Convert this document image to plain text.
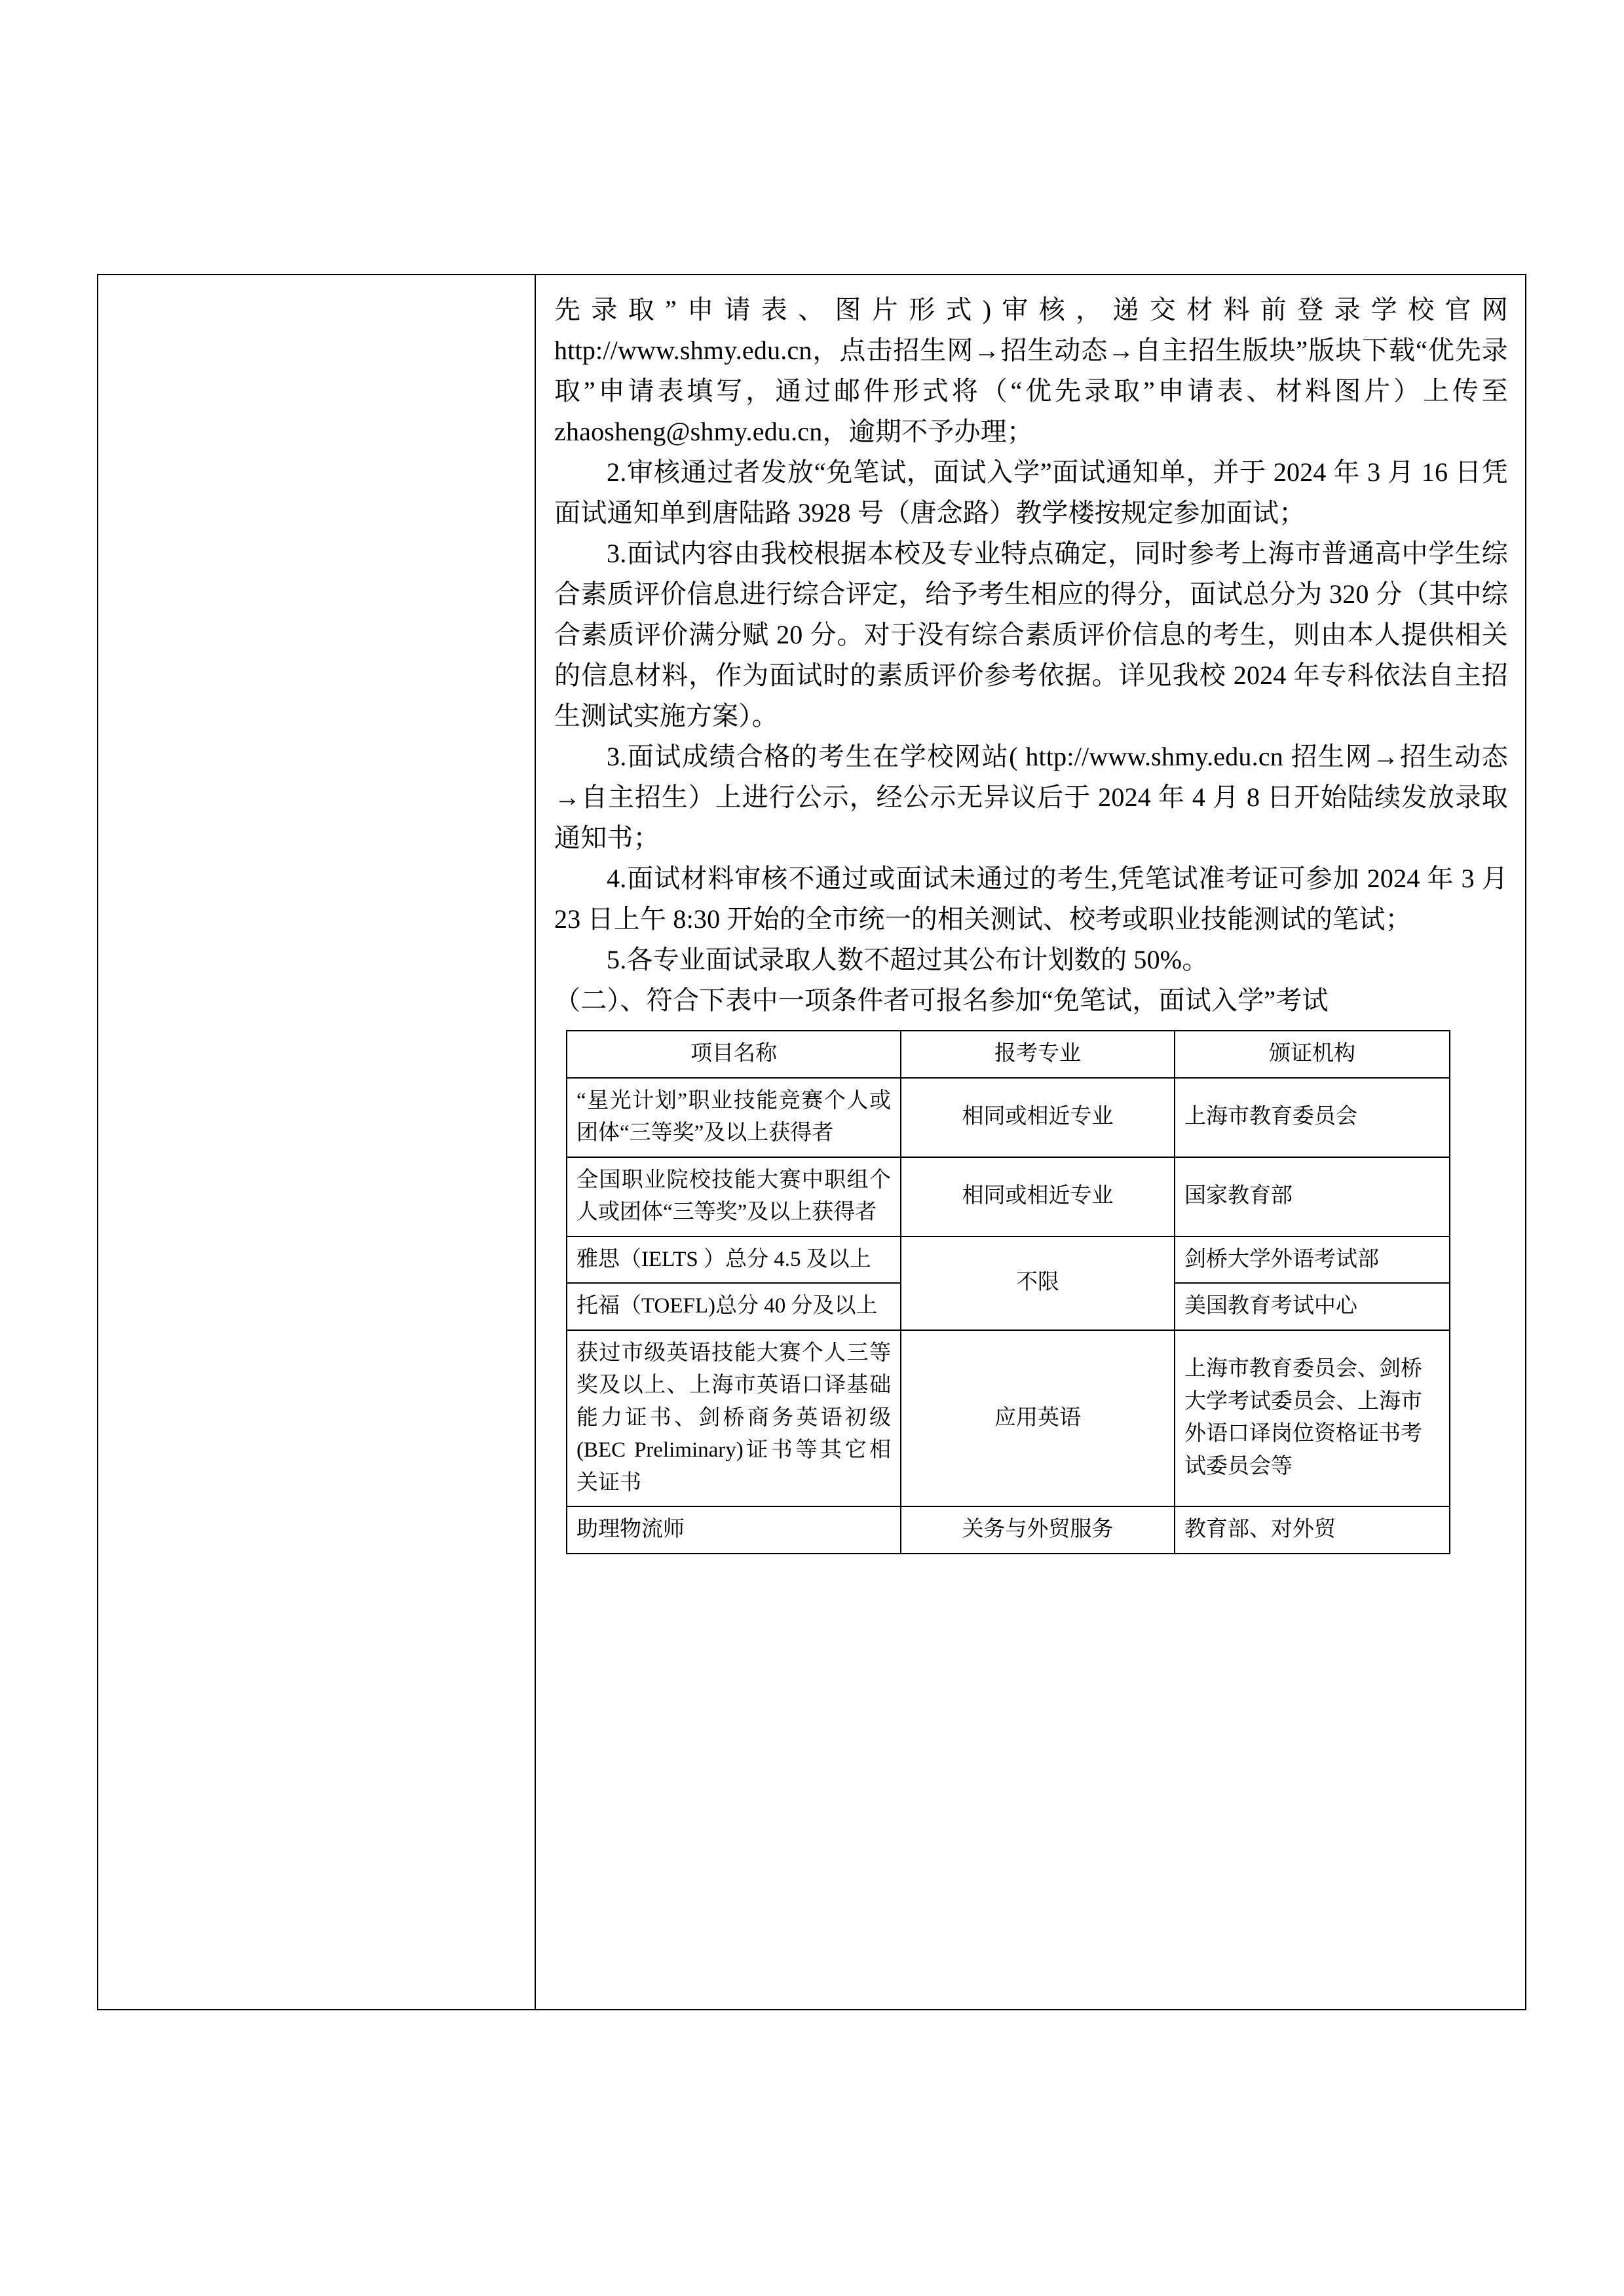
先录取”申请表、图片形式)审核，递交材料前登录学校官网http://www.shmy.edu.cn，点击招生网→招生动态→自主招生版块”版块下载“优先录取”申请表填写，通过邮件形式将（“优先录取”申请表、材料图片）上传至 zhaosheng@shmy.edu.cn，逾期不予办理；

2.审核通过者发放“免笔试，面试入学”面试通知单，并于 2024 年 3 月 16 日凭面试通知单到唐陆路 3928 号（唐念路）教学楼按规定参加面试；

3.面试内容由我校根据本校及专业特点确定，同时参考上海市普通高中学生综合素质评价信息进行综合评定，给予考生相应的得分，面试总分为 320 分（其中综合素质评价满分赋 20 分。对于没有综合素质评价信息的考生，则由本人提供相关的信息材料，作为面试时的素质评价参考依据。详见我校 2024 年专科依法自主招生测试实施方案）。

3.面试成绩合格的考生在学校网站( http://www.shmy.edu.cn 招生网→招生动态→自主招生）上进行公示，经公示无异议后于 2024 年 4 月 8 日开始陆续发放录取通知书；

4.面试材料审核不通过或面试未通过的考生,凭笔试准考证可参加 2024 年 3 月 23 日上午 8:30 开始的全市统一的相关测试、校考或职业技能测试的笔试；

5.各专业面试录取人数不超过其公布计划数的 50%。

（二）、符合下表中一项条件者可报名参加“免笔试，面试入学”考试

项目名称	报考专业	颁证机构
“星光计划”职业技能竞赛个人或团体“三等奖”及以上获得者	相同或相近专业	上海市教育委员会
全国职业院校技能大赛中职组个人或团体“三等奖”及以上获得者	相同或相近专业	国家教育部
雅思（IELTS ）总分 4.5 及以上	不限	剑桥大学外语考试部
托福（TOEFL)总分 40 分及以上		美国教育考试中心
获过市级英语技能大赛个人三等奖及以上、上海市英语口译基础能力证书、剑桥商务英语初级(BEC Preliminary)证书等其它相关证书	应用英语	上海市教育委员会、剑桥大学考试委员会、上海市外语口译岗位资格证书考试委员会等
助理物流师	关务与外贸服务	教育部、对外贸
